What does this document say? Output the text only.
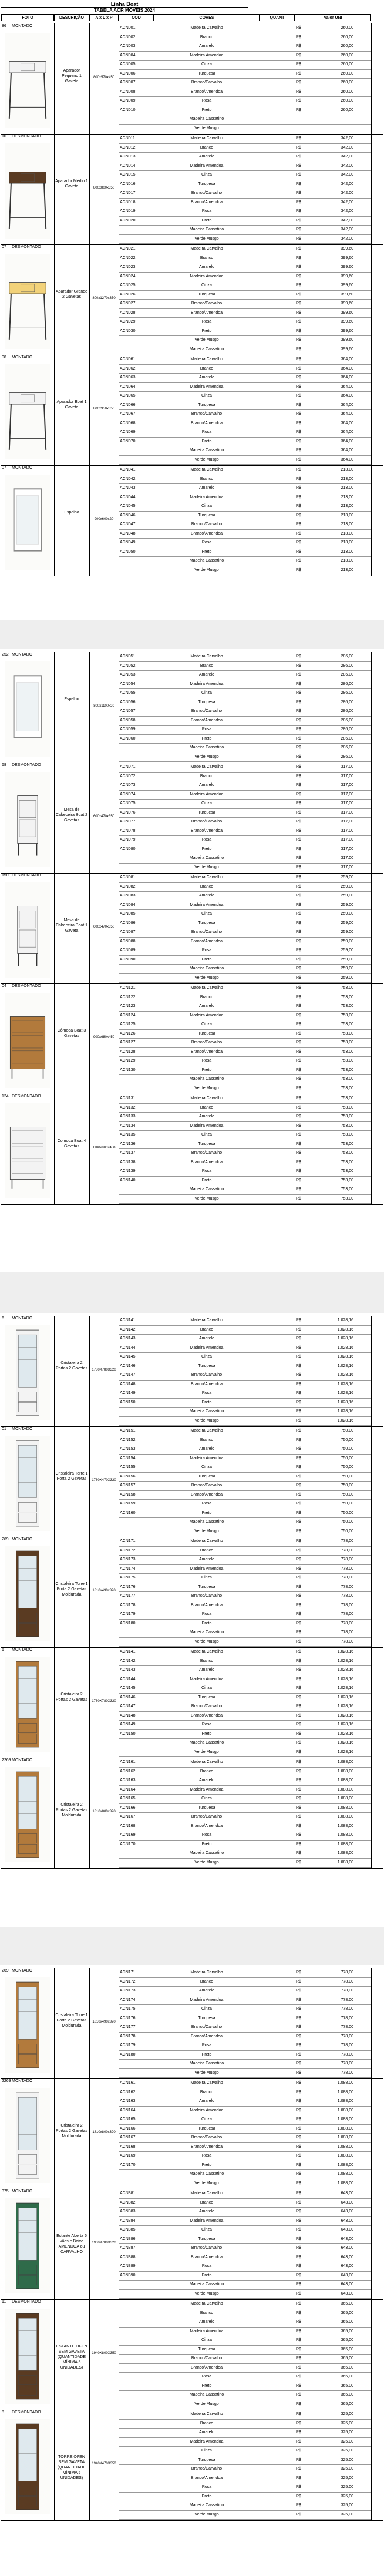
Linha Boat
TABELA ACR MOVEIS 2024
FOTO	DESCRIÇÃO	A x L x P	COD	CORES	QUANT	Valor UNI
86	MONTADO
Aparador Pequeno 1 Gaveta
800x570x450
ACN001	Madeira Carvalho	R$	260,00
ACN002	Branco	R$	260,00
ACN003	Amarelo	R$	260,00
ACN004	Madeira Amendoa	R$	260,00
ACN005	Cinza	R$	260,00
ACN006	Turquesa	R$	260,00
ACN007	Branco/Carvalho	R$	260,00
ACN008	Branco/Amendoa	R$	260,00
ACN009	Rosa	R$	260,00
ACN010	Preto	R$	260,00
Madeira Cassatino
Verde Musgo
10	DESMONTADO
Aparador Médio 1 Gaveta	800x800x350
ACN011	Madeira Carvalho	R$	342,00
ACN012	Branco	R$	342,00
ACN013	Amarelo	R$	342,00
ACN014	Madeira Amendoa	R$	342,00
ACN015	Cinza	R$	342,00
ACN016	Turquesa	R$	342,00
ACN017	Branco/Carvalho	R$	342,00
ACN018	Branco/Amendoa	R$	342,00
ACN019	Rosa	R$	342,00
ACN020	Preto	R$	342,00
Madeira Cassatino	R$	342,00
Verde Musgo	R$	342,00
07	DESMONTADO
Aparador Grande 2 Gavetas	800x1270x350
ACN021	Madeira Carvalho	R$	399,60
ACN022	Branco	R$	399,60
ACN023	Amarelo	R$	399,60
ACN024	Madeira Amendoa	R$	399,60
ACN025	Cinza	R$	399,60
ACN026	Turquesa	R$	399,60
ACN027	Branco/Carvalho	R$	399,60
ACN028	Branco/Amendoa	R$	399,60
ACN029	Rosa	R$	399,60
ACN030	Preto	R$	399,60
Verde Musgo	R$	399,60
Madeira Cassatino	R$	399,60
08	MONTADO
Aparador Boat 1 Gaveta	800x950x350
ACN061	Madeira Carvalho	R$	364,00
ACN062	Branco	R$	364,00
ACN063	Amarelo	R$	364,00
ACN064	Madeira Amendoa	R$	364,00
ACN065	Cinza	R$	364,00
ACN066	Turquesa	R$	364,00
ACN067	Branco/Carvalho	R$	364,00
ACN068	Branco/Amendoa	R$	364,00
ACN069	Rosa	R$	364,00
ACN070	Preto	R$	364,00
Madeira Cassatino	R$	364,00
Verde Musgo	R$	364,00
07	MONTADO
Espelho
900x600x20
ACN041	Madeira Carvalho	R$	213,00
ACN042	Branco	R$	213,00
ACN043	Amarelo	R$	213,00
ACN044	Madeira Amendoa	R$	213,00
ACN045	Cinza	R$	213,00
ACN046	Turquesa	R$	213,00
ACN047	Branco/Carvalho	R$	213,00
ACN048	Branco/Amendoa	R$	213,00
ACN049	Rosa	R$	213,00
ACN050	Preto	R$	213,00
Madeira Cassatino	R$	213,00
Verde Musgo	R$	213,00
252 MONTADO
Espelho
800x1100x20
ACN051	Madeira Carvalho	R$	286,00
ACN052	Branco	R$	286,00
ACN053	Amarelo	R$	286,00
ACN054	Madeira Amendoa	R$	286,00
ACN055	Cinza	R$	286,00
ACN056	Turquesa	R$	286,00
ACN057	Branco/Carvalho	R$	286,00
ACN058	Branco/Amendoa	R$	286,00
ACN059	Rosa	R$	286,00
ACN060	Preto	R$	286,00
Madeira Cassatino	R$	286,00
Verde Musgo	R$	286,00
68	DESMONTADO
Mesa de Cabeceira Boat 2 Gavetas
600x470x350
ACN071	Madeira Carvalho	R$	317,00
ACN072	Branco	R$	317,00
ACN073	Amarelo	R$	317,00
ACN074	Madeira Amendoa	R$	317,00
ACN075	Cinza	R$	317,00
ACN076	Turquesa	R$	317,00
ACN077	Branco/Carvalho	R$	317,00
ACN078	Branco/Amendoa	R$	317,00
ACN079	Rosa	R$	317,00
ACN080	Preto	R$	317,00
Madeira Cassatino	R$	317,00
Verde Musgo	R$	317,00
150 DESMONTADO
Mesa de Cabeceira Boat 1 Gaveta
600x470x350
ACN081	Madeira Carvalho	R$	259,00
ACN082	Branco	R$	259,00
ACN083	Amarelo	R$	259,00
ACN084	Madeira Amendoa	R$	259,00
ACN085	Cinza	R$	259,00
ACN086	Turquesa	R$	259,00
ACN087	Branco/Carvalho	R$	259,00
ACN088	Branco/Amendoa	R$	259,00
ACN089	Rosa	R$	259,00
ACN090	Preto	R$	259,00
Madeira Cassatino	R$	259,00
Verde Musgo	R$	259,00
04	DESMONTADO
Cômoda Boat 3 Gavetas	900x680x450
ACN121	Madeira Carvalho	R$	753,00
ACN122	Branco	R$	753,00
ACN123	Amarelo	R$	753,00
ACN124	Madeira Amendoa	R$	753,00
ACN125	Cinza	R$	753,00
ACN126	Turquesa	R$	753,00
ACN127	Branco/Carvalho	R$	753,00
ACN128	Branco/Amendoa	R$	753,00
ACN129	Rosa	R$	753,00
ACN130	Preto	R$	753,00
Madeira Cassatino	R$	753,00
Verde Musgo	R$	753,00
124 DESMONTADO
Comoda Boat 4 Gavetas	1100x800x450
ACN131	Madeira Carvalho	R$	753,00
ACN132	Branco	R$	753,00
ACN133	Amarelo	R$	753,00
ACN134	Madeira Amendoa	R$	753,00
ACN135	Cinza	R$	753,00
ACN136	Turquesa	R$	753,00
ACN137	Branco/Carvalho	R$	753,00
ACN138	Branco/Amendoa	R$	753,00
ACN139	Rosa	R$	753,00
ACN140	Preto	R$	753,00
Madeira Cassatino	R$	753,00
Verde Musgo	R$	753,00
6	MONTADO
Cristaleira 2 Portas 2 Gavetas	1780X780X320
ACN141	Madeira Carvalho	R$	1.028,16
ACN142	Branco	R$	1.028,16
ACN143	Amarelo	R$	1.028,16
ACN144	Madeira Amendoa	R$	1.028,16
ACN145	Cinza	R$	1.028,16
ACN146	Turquesa	R$	1.028,16
ACN147	Branco/Carvalho	R$	1.028,16
ACN148	Branco/Amendoa	R$	1.028,16
ACN149	Rosa	R$	1.028,16
ACN150	Preto	R$	1.028,16
Madeira Cassatino	R$	1.028,16
Verde Musgo	R$	1.028,16
01	MONTADO
Cristaleira Torre 1 Porta 2 Gavetas	1780X470X320
ACN151	Madeira Carvalho	R$	750,00
ACN152	Branco	R$	750,00
ACN153	Amarelo	R$	750,00
ACN154	Madeira Amendoa	R$	750,00
ACN155	Cinza	R$	750,00
ACN156	Turquesa	R$	750,00
ACN157	Branco/Carvalho	R$	750,00
ACN158	Branco/Amendoa	R$	750,00
ACN159	Rosa	R$	750,00
ACN160	Preto	R$	750,00
Madeira Cassatino	R$	750,00
Verde Musgo	R$	750,00
269 MONTADO
Cristaleira Torre 1 Porta 2 Gavetas Moldurada
1810x490x320
ACN171	Madeira Carvalho	R$	778,00
ACN172	Branco	R$	778,00
ACN173	Amarelo	R$	778,00
ACN174	Madeira Amendoa	R$	778,00
ACN175	Cinza	R$	778,00
ACN176	Turquesa	R$	778,00
ACN177	Branco/Carvalho	R$	778,00
ACN178	Branco/Amendoa	R$	778,00
ACN179	Rosa	R$	778,00
ACN180	Preto	R$	778,00
Madeira Cassatino	R$	778,00
Verde Musgo	R$	778,00
6	MONTADO
Cristaleira 2 Portas 2 Gavetas	1780X780X320
ACN141	Madeira Carvalho	R$	1.028,16
ACN142	Branco	R$	1.028,16
ACN143	Amarelo	R$	1.028,16
ACN144	Madeira Amendoa	R$	1.028,16
ACN145	Cinza	R$	1.028,16
ACN146	Turquesa	R$	1.028,16
ACN147	Branco/Carvalho	R$	1.028,16
ACN148	Branco/Amendoa	R$	1.028,16
ACN149	Rosa	R$	1.028,16
ACN150	Preto	R$	1.028,16
Madeira Cassatino	R$	1.028,16
Verde Musgo	R$	1.028,16
2269 MONTADO
Cristaleira 2 Portas 2 Gavetas Moldurada
1810x800x320
ACN161	Madeira Carvalho	R$	1.088,00
ACN162	Branco	R$	1.088,00
ACN163	Amarelo	R$	1.088,00
ACN164	Madeira Amendoa	R$	1.088,00
ACN165	Cinza	R$	1.088,00
ACN166	Turquesa	R$	1.088,00
ACN167	Branco/Carvalho	R$	1.088,00
ACN168	Branco/Amendoa	R$	1.088,00
ACN169	Rosa	R$	1.088,00
ACN170	Preto	R$	1.088,00
Madeira Cassatino	R$	1.088,00
Verde Musgo	R$	1.088,00
269 MONTADO
Cristaleira Torre 1 Porta 2 Gavetas Moldurada
1810x490x320
ACN171	Madeira Carvalho	R$	778,00
ACN172	Branco	R$	778,00
ACN173	Amarelo	R$	778,00
ACN174	Madeira Amendoa	R$	778,00
ACN175	Cinza	R$	778,00
ACN176	Turquesa	R$	778,00
ACN177	Branco/Carvalho	R$	778,00
ACN178	Branco/Amendoa	R$	778,00
ACN179	Rosa	R$	778,00
ACN180	Preto	R$	778,00
Madeira Cassatino	R$	778,00
Verde Musgo	R$	778,00
2269 MONTADO
Cristaleira 2 Portas 2 Gavetas Moldurada
1810x800x320
ACN161	Madeira Carvalho	R$	1.088,00
ACN162	Branco	R$	1.088,00
ACN163	Amarelo	R$	1.088,00
ACN164	Madeira Amendoa	R$	1.088,00
ACN165	Cinza	R$	1.088,00
ACN166	Turquesa	R$	1.088,00
ACN167	Branco/Carvalho	R$	1.088,00
ACN168	Branco/Amendoa	R$	1.088,00
ACN169	Rosa	R$	1.088,00
ACN170	Preto	R$	1.088,00
Madeira Cassatino	R$	1.088,00
Verde Musgo	R$	1.088,00
375 MONTADO
Estante Aberta 5 vãos e Baixo AMENDOA ou CARVALHO
1900X780X320
ACN381	Madeira Carvalho	R$	643,00
ACN382	Branco	R$	643,00
ACN383	Amarelo	R$	643,00
ACN384	Madeira Amendoa	R$	643,00
ACN385	Cinza	R$	643,00
ACN386	Turquesa	R$	643,00
ACN387	Branco/Carvalho	R$	643,00
ACN388	Branco/Amendoa	R$	643,00
ACN389	Rosa	R$	643,00
ACN390	Preto	R$	643,00
Madeira Cassatino	R$	643,00
Verde Musgo	R$	643,00
11	DESMONTADO
ESTANTE OFEN SEM GAVETA (QUANTIDADE MÍNIMA 5 UNIDADES)
1940X800X350
Madeira Carvalho	R$	365,00
Branco	R$	365,00
Amarelo	R$	365,00
Madeira Amendoa	R$	365,00
Cinza	R$	365,00
Turquesa	R$	365,00
Branco/Carvalho	R$	365,00
Branco/Amendoa	R$	365,00
Rosa	R$	365,00
Preto	R$	365,00
Madeira Cassatino	R$	365,00
Verde Musgo	R$	365,00
8	DESMONTADO
TORRE OFEN SEM GAVETA (QUANTIDADE MÍNIMA 5 UNIDADES)
1940X470X350
Madeira Carvalho	R$	325,00
Branco	R$	325,00
Amarelo	R$	325,00
Madeira Amendoa	R$	325,00
Cinza	R$	325,00
Turquesa	R$	325,00
Branco/Carvalho	R$	325,00
Branco/Amendoa	R$	325,00
Rosa	R$	325,00
Preto	R$	325,00
Madeira Cassatino	R$	325,00
Verde Musgo	R$	325,00
